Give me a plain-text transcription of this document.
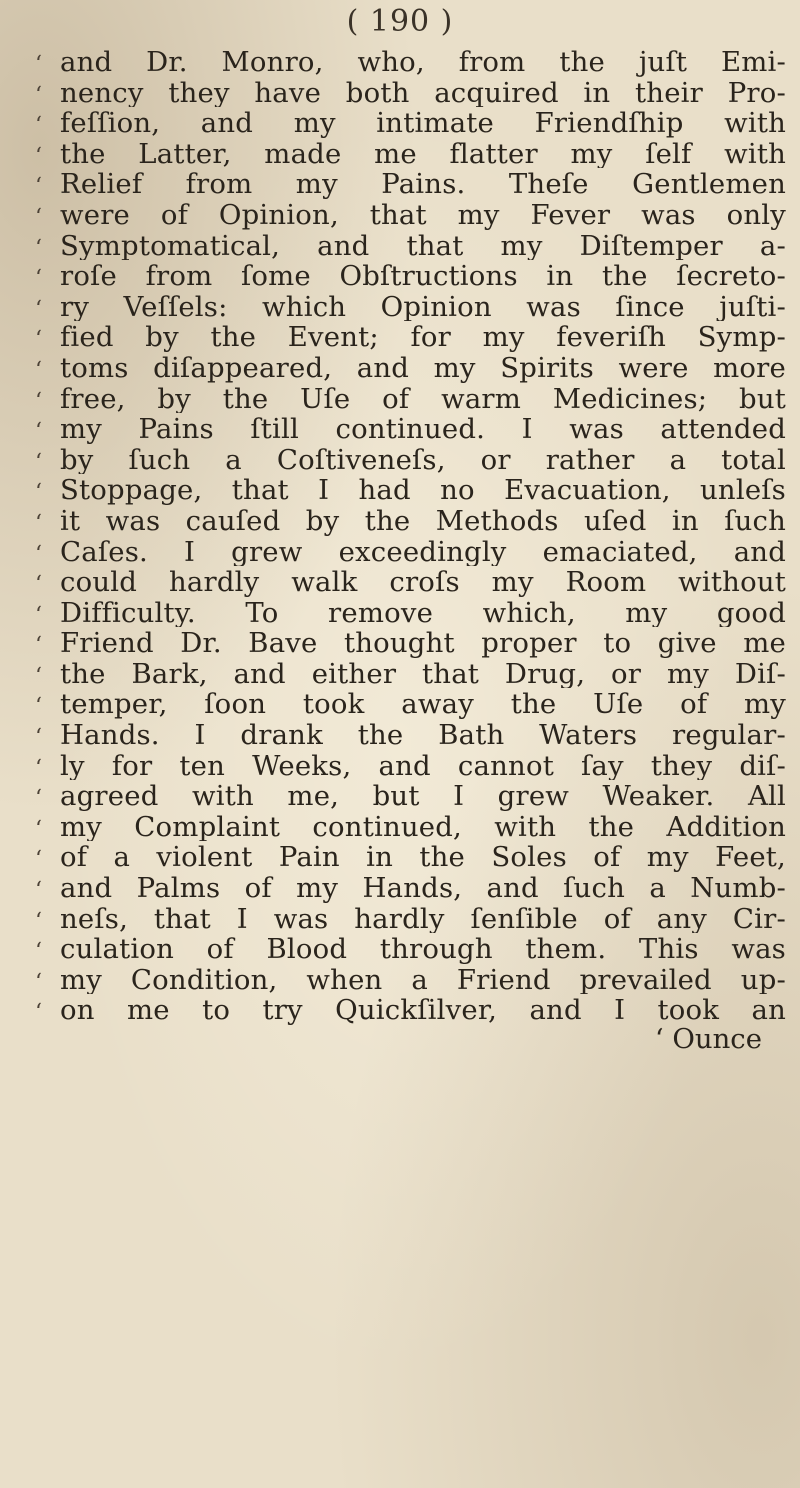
( 190 )
‘ and Dr. Monro, who, from the juſt Emi-
‘ nency they have both acquired in their Pro-
‘ feſſion, and my intimate Friendſhip with
‘ the Latter, made me flatter my ſelf with
‘ Relief from my Pains. Theſe Gentlemen
‘ were of Opinion, that my Fever was only
‘ Symptomatical, and that my Diſtemper a-
‘ roſe from ſome Obſtructions in the ſecreto-
‘ ry Veſſels: which Opinion was ſince juſti-
‘ fied by the Event; for my feveriſh Symp-
‘ toms diſappeared, and my Spirits were more
‘ free, by the Uſe of warm Medicines; but
‘ my Pains ſtill continued. I was attended
‘ by ſuch a Coſtiveneſs, or rather a total
‘ Stoppage, that I had no Evacuation, unleſs
‘ it was cauſed by the Methods uſed in ſuch
‘ Caſes. I grew exceedingly emaciated, and
‘ could hardly walk croſs my Room without
‘ Difficulty. To remove which, my good
‘ Friend Dr. Bave thought proper to give me
‘ the Bark, and either that Drug, or my Diſ-
‘ temper, ſoon took away the Uſe of my
‘ Hands. I drank the Bath Waters regular-
‘ ly for ten Weeks, and cannot ſay they diſ-
‘ agreed with me, but I grew Weaker. All
‘ my Complaint continued, with the Addition
‘ of a violent Pain in the Soles of my Feet,
‘ and Palms of my Hands, and ſuch a Numb-
‘ neſs, that I was hardly ſenſible of any Cir-
‘ culation of Blood through them. This was
‘ my Condition, when a Friend prevailed up-
‘ on me to try Quickſilver, and I took an
‘ Ounce
